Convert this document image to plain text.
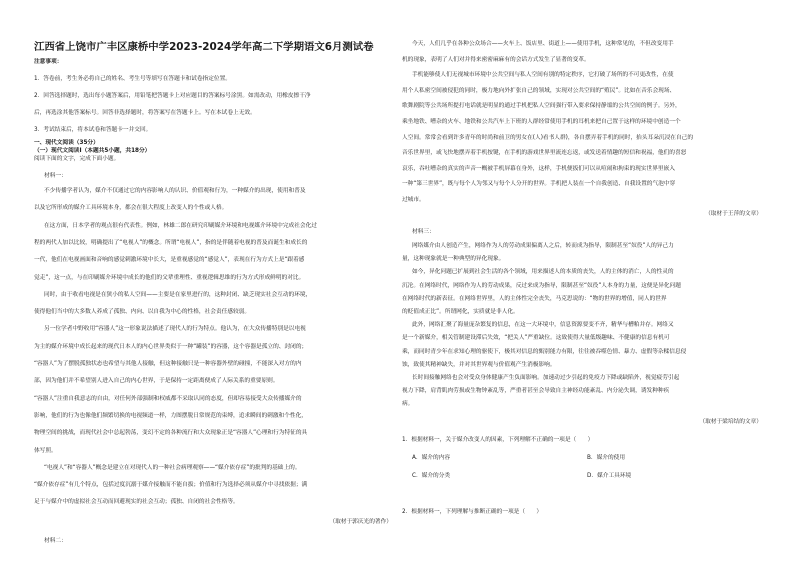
江西省上饶市广丰区康桥中学2023-2024学年高二下学期语文6月测试卷
注意事项：
1．答卷前，考生务必将自己的姓名、考生号等填写在答题卡和试卷指定位置。
2．回答选择题时，选出每小题答案后，用铅笔把答题卡上对应题目的答案标号涂黑。如需改动，用橡皮擦干净
后，再选涂其他答案标号。回答非选择题时，将答案写在答题卡上。写在本试卷上无效。
3．考试结束后，将本试卷和答题卡一并交回。
一、现代文阅读（35分）
（一）现代文阅读Ⅰ（本题共5小题，共18分）
阅读下面的文字，完成下面小题。
材料一：
不少传播学者认为，媒介不仅通过它的内容影响人的认识、价值观和行为，一种媒介的出现，使用和普及
以及它所形成的媒介工具环境本身，都会在很大程度上改变人的个性或人格。
在这方面，日本学者的观点很有代表性。例如，林雄二郎在研究印刷媒介环境和电视媒介环境中完成社会化过
程的两代人加以比较，明确提出了“电视人”的概念。所谓“电视人”，指的是伴随着电视的普及而诞生和成长的
一代，他们在电视画面和音响的感觉刺激环境中长大，是重视感觉的“感觉人”，表现在行为方式上是“跟着感
觉走”，这一点，与在印刷媒介环境中成长的他们的父辈重理性、重视逻辑思维的行为方式形成鲜明的对比。
同时，由于收看电视是在狭小的私人空间——主要是在家里进行的，这种封闭、缺乏现实社会互动的环境，
使得他们当中的大多数人养成了孤独、内向、以自我为中心的性格，社会责任感较弱。
另一位学者中野收用“容器人”这一形象说法描述了现代人的行为特点。他认为，在大众传播特别是以电视
为主的媒介环境中成长起来的现代日本人的内心世界类似于一种“罐装”的容器，这个容器是孤立的、封闭的；
“容器人”为了摆脱孤独状态也希望与其他人接触，但这种接触只是一种容器外壁的碰撞，不能深入对方的内
部，因为他们并不希望别人进入自己的内心世界，于是保持一定距离便成了人际关系的重要原则。
“容器人”注重自我意志的自由，对任何外部强制和权威都不采取认同的态度，但却容易接受大众传播媒介的
影响，他们的行为也像他们频繁切换的电视频道一样，力图摆脱日常规范的束缚，追求瞬间的刺激和个性化，
物理空间的挑战，而现代社会中总起勃荡，变幻不定的各种流行和大众现象正是“容器人”心理和行为特征的具
体写照。
“电视人”和“容器人”概念是建立在对现代人的一种社会病理观察——“媒介依存症”的批判的基础上的。
“媒介依存症”有几个特点，包括过度沉溺于媒介接触而不能自拔；价值和行为选择必须从媒介中寻找依据；满
足于与媒介中的虚拟社会互动而回避现实的社会互动；孤独、自闭的社会性格等。
（取材于郭庆光的著作）
材料二：
今天，人们几乎在各种公众场合——火车上、饭店里、街道上——使用手机，这种常见的，不但改变用手
机的现象，表明了人们对并得来密密麻麻有的会话方式发生了显著的变革。
手机能够使人们无视城市环境中公共空间与私人空间有别的特定秩序，它打破了场所的不可更改性，在使
用个人私密空间被侵犯的同时，极力地向外扩张自己的领域，实现对公共空间的“殖民”。比如在音乐会现场、
歌舞剧院等公共场所提打电话就是明显的通过手机把私人空间强行带入要求保持静谧的公共空间的例子。另外，
乘坐地铁、嘈杂的火车、地铁和公共汽车上下班的人群经常使用手机的耳机来把自己置于这样的环境中创造一个
人空间。常常会看到许多青年的时尚和前卫的男女在(人)看书人群)，各自摆弄着手机的同时，抬头耳朵沉浸在自己的
音乐世界里，或飞快地摆弄着手机按键，在手机的游戏世界里流连忘返，或发送着情趣的短信和祝福，他们的喜怒
哀乐，吞吐嘈杂的真实的声音一概被手机屏幕在身外，这样，手机便扳们可以从喧闹和拘束的现实世界里嵌入
一种“第三世界”，既与每个人为邻又与每个人分开的世界。手机把人装在一个自我创造、自我设置的气泡中穿
过城市。
（取材于王萍的文章）
材料三：
网络媒介由人创造产生，网络作为人的劳动成果偏离人之后，转而成为指导，限制甚至“奴役”人的异己力
量，这种现象就是一种典型的异化现象。
如今，异化问题已扩展到社会生活的各个领域，用来描述人的本质的丧失，人的主体的消亡，人的性灵的
沉沦。在网络时代，网络作为人的劳动成果，反过来成为指导，限制甚至“奴役”人本身的力量，这便是异化问题
在网络时代的新表征。在网络世界里，人的主体性完全丧失，马克思说的：“物的世界的增值，同人的世界
的贬值成正比”。所谓网化，实质就是非人化。
此外，网络汇聚了海量庞杂繁复的信息，在这一大环境中，信息资源要变不齐，精华与槽粕并存。网络又
是一个新媒介，相关管制建设滞后失效，“把关人”严重缺位。这致使得大量低级趣味、不健康的信息有机可
乘，而同时青少年在求知心理的驱使下，极其对信息的甄别能力有限，往往被吞噬色情、暴力、虚假等杂糅信息侵
蚀，致使其精神缺失，并对其世界观与价值观产生消极影响。
长时间接触网络也会对受众身体健康产生负面影响。加速动过少引起的免疫力下降或缺陷外，视觉疲劳引起
视力下降，肩背肌肉劳损或生物钟紊乱等，严重者甚至会导致自主神经功能紊乱、内分泌失调，诱发种种疾
病。
（取材于梁培结的文章）
1．根据材料一，关于媒介改变人的因素，下列理解不正确的一项是（　　）
A．媒介的内容	B．媒介的使用
C．媒介的分类	D．媒介工具环境
2．根据材料一，下列理解与推断正确的一项是（　　）
